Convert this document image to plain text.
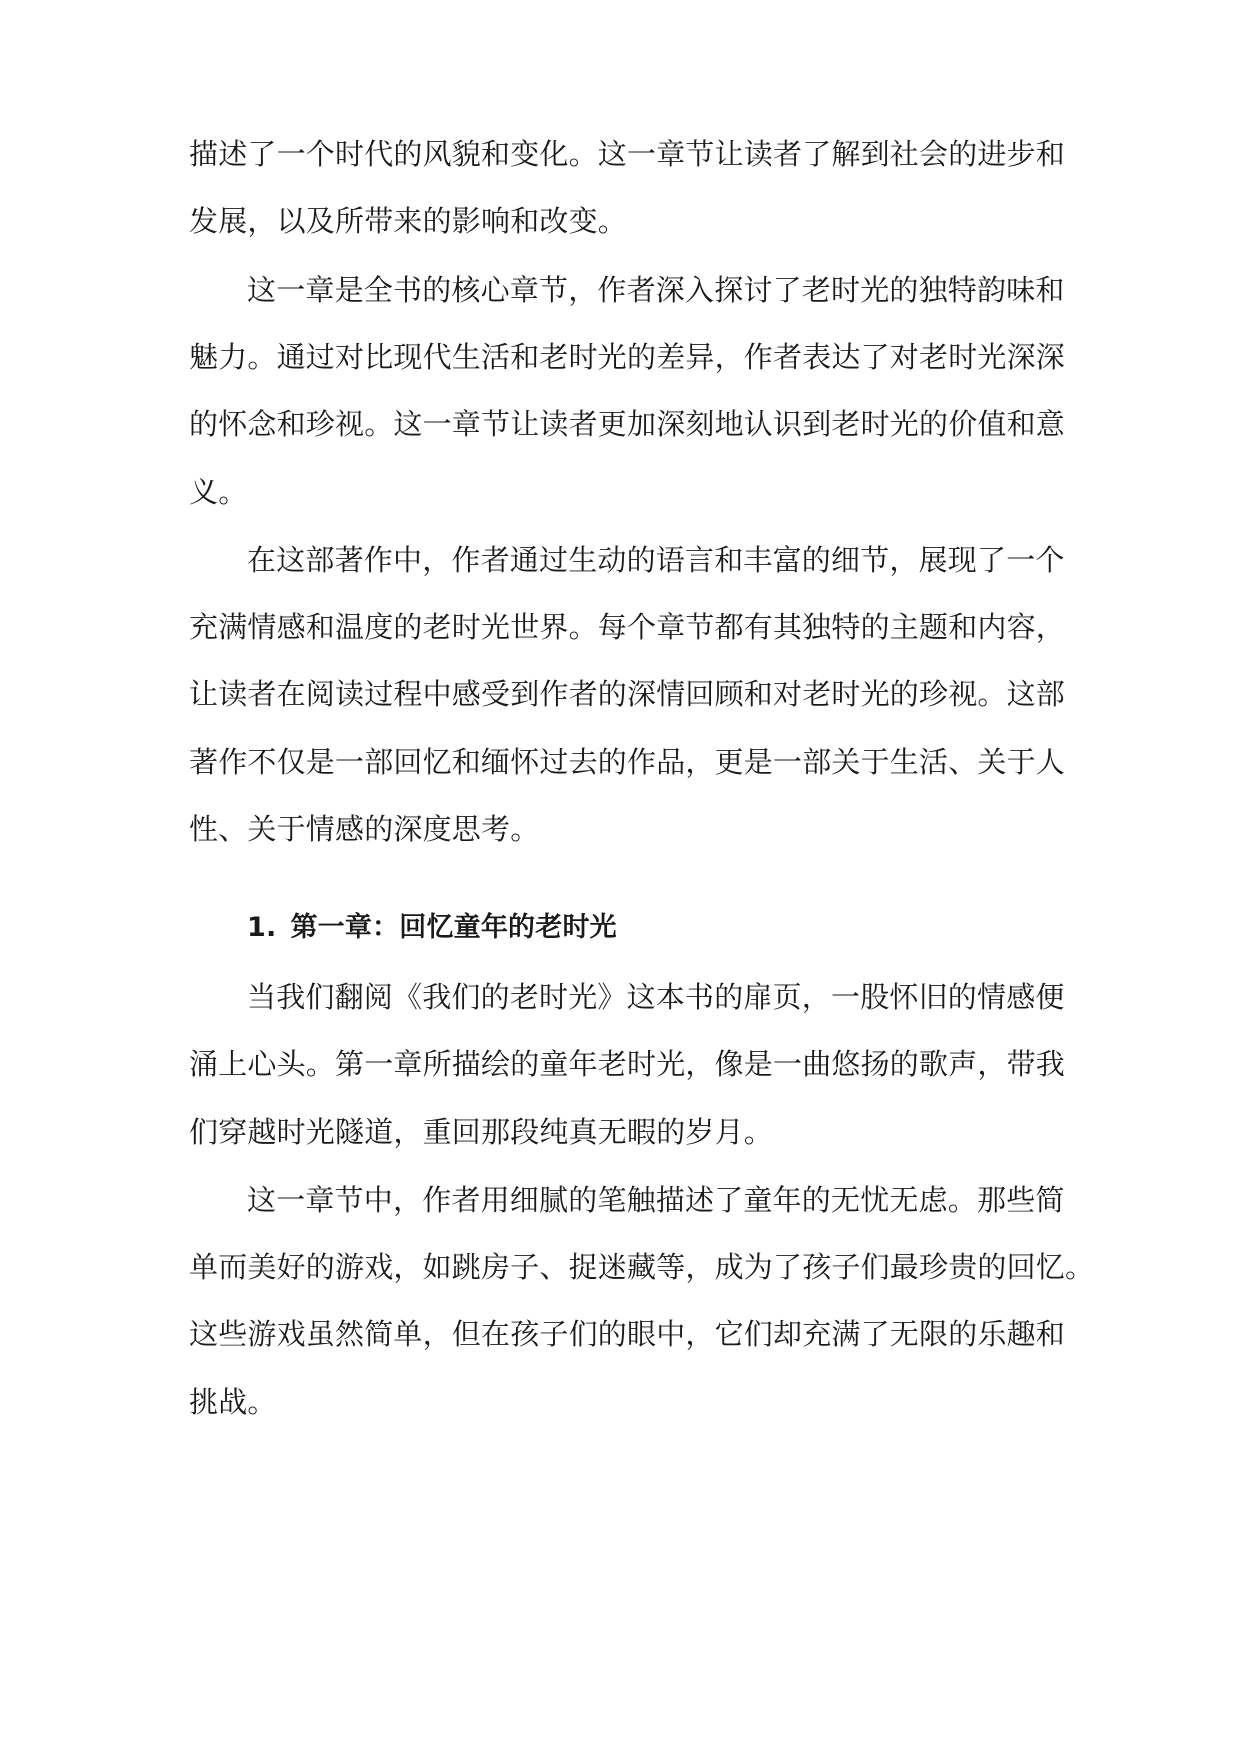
描述了一个时代的风貌和变化。这一章节让读者了解到社会的进步和
发展，以及所带来的影响和改变。
这一章是全书的核心章节，作者深入探讨了老时光的独特韵味和
魅力。通过对比现代生活和老时光的差异，作者表达了对老时光深深
的怀念和珍视。这一章节让读者更加深刻地认识到老时光的价值和意
义。
在这部著作中，作者通过生动的语言和丰富的细节，展现了一个
充满情感和温度的老时光世界。每个章节都有其独特的主题和内容，
让读者在阅读过程中感受到作者的深情回顾和对老时光的珍视。这部
著作不仅是一部回忆和缅怀过去的作品，更是一部关于生活、关于人
性、关于情感的深度思考。
1. 第一章：回忆童年的老时光
当我们翻阅《我们的老时光》这本书的扉页，一股怀旧的情感便
涌上心头。第一章所描绘的童年老时光，像是一曲悠扬的歌声，带我
们穿越时光隧道，重回那段纯真无暇的岁月。
这一章节中，作者用细腻的笔触描述了童年的无忧无虑。那些简
单而美好的游戏，如跳房子、捉迷藏等，成为了孩子们最珍贵的回忆。
这些游戏虽然简单，但在孩子们的眼中，它们却充满了无限的乐趣和
挑战。
